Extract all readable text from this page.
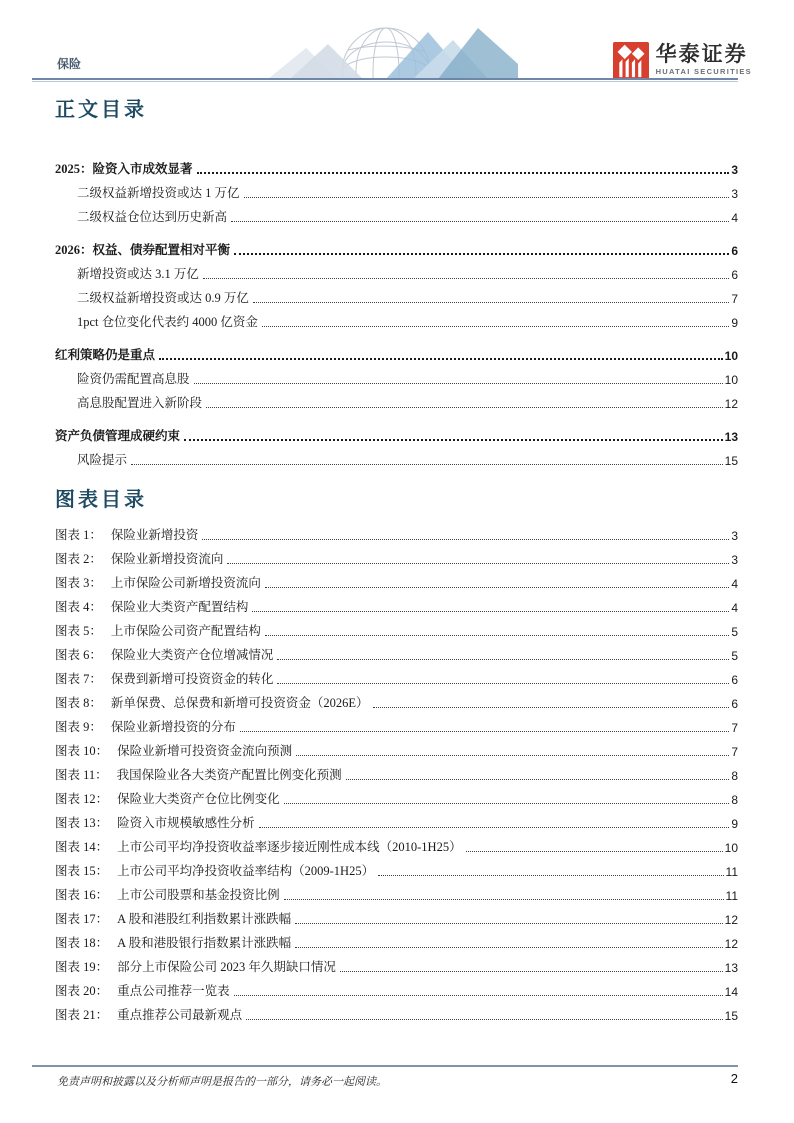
保险	华泰证券
HUATAI SECURITIES
正文目录
2025：险资入市成效显著	3
二级权益新增投资或达 1 万亿	3
二级权益仓位达到历史新高	4
2026：权益、债券配置相对平衡	6
新增投资或达 3.1 万亿	6
二级权益新增投资或达 0.9 万亿	7
1pct 仓位变化代表约 4000 亿资金	9
红利策略仍是重点	10
险资仍需配置高息股	10
高息股配置进入新阶段	12
资产负债管理成硬约束	13
风险提示	15
图表目录
图表 1： 保险业新增投资	3
图表 2： 保险业新增投资流向	3
图表 3： 上市保险公司新增投资流向	4
图表 4： 保险业大类资产配置结构	4
图表 5： 上市保险公司资产配置结构	5
图表 6： 保险业大类资产仓位增减情况	5
图表 7： 保费到新增可投资资金的转化	6
图表 8： 新单保费、总保费和新增可投资资金（2026E）	6
图表 9： 保险业新增投资的分布	7
图表 10： 保险业新增可投资资金流向预测	7
图表 11： 我国保险业各大类资产配置比例变化预测	8
图表 12： 保险业大类资产仓位比例变化	8
图表 13： 险资入市规模敏感性分析	9
图表 14： 上市公司平均净投资收益率逐步接近刚性成本线（2010-1H25）	10
图表 15： 上市公司平均净投资收益率结构（2009-1H25）	11
图表 16： 上市公司股票和基金投资比例	11
图表 17： A 股和港股红利指数累计涨跌幅	12
图表 18： A 股和港股银行指数累计涨跌幅	12
图表 19： 部分上市保险公司 2023 年久期缺口情况	13
图表 20： 重点公司推荐一览表	14
图表 21： 重点推荐公司最新观点	15
免责声明和披露以及分析师声明是报告的一部分，请务必一起阅读。	2
